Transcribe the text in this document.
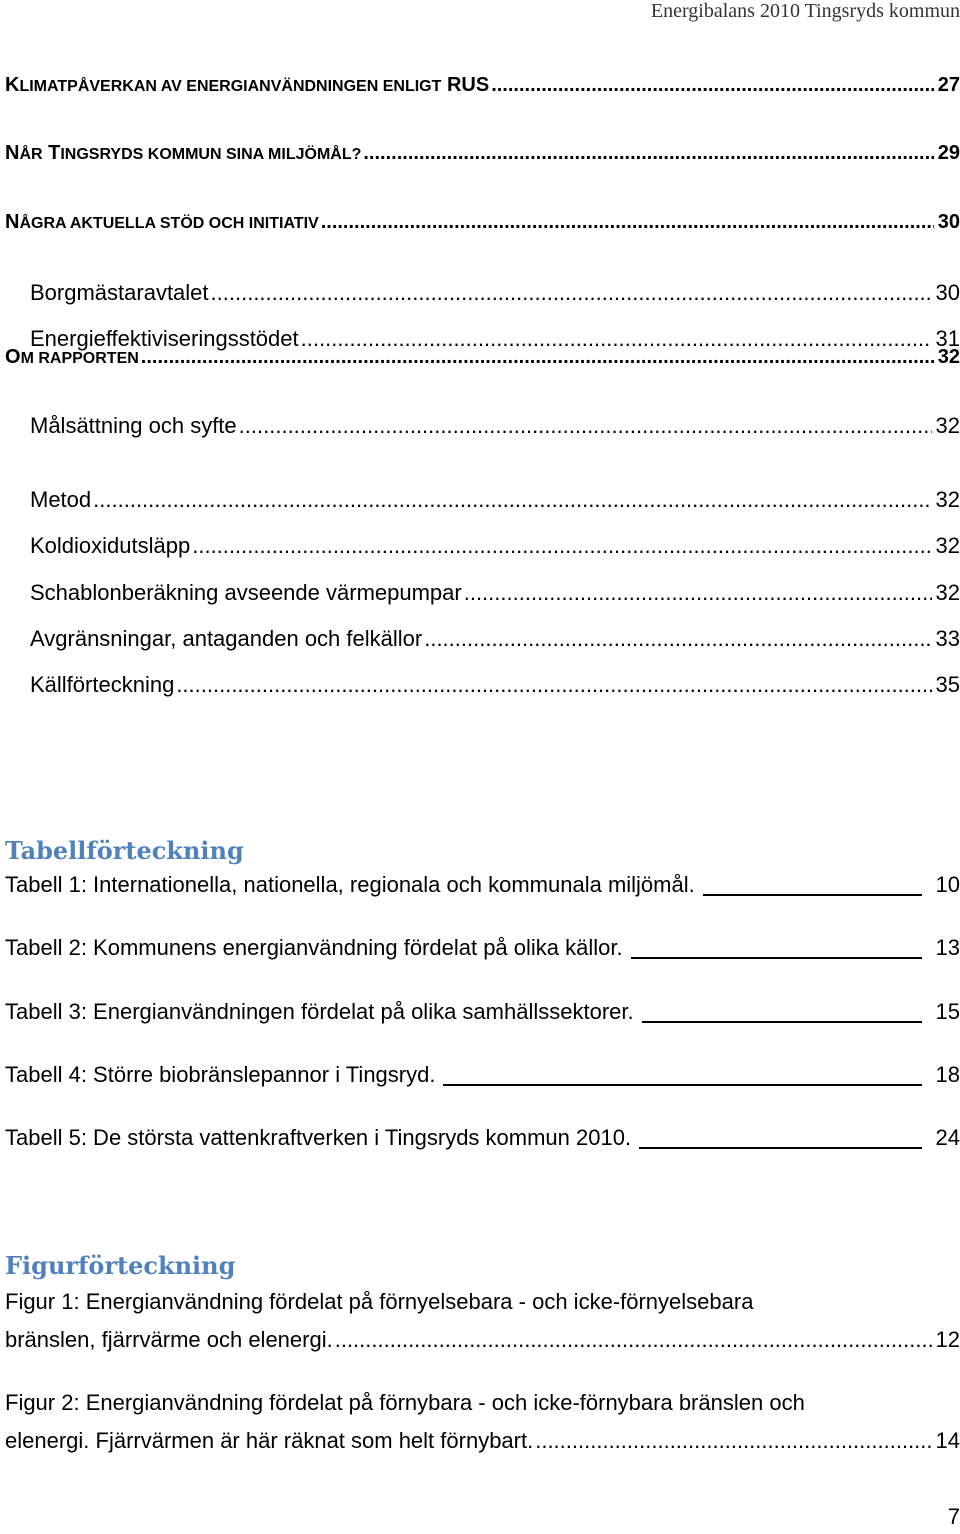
Energibalans 2010 Tingsryds kommun
KLIMATPÅVERKAN AV ENERGIANVÄNDNINGEN ENLIGT RUS .....	27
NÅR TINGSRYDS KOMMUN SINA MILJÖMÅL? .....	29
NÅGRA AKTUELLA STÖD OCH INITIATIV .....	30
Borgmästaravtalet .....	30
Energieffektiviseringsstödet .....	31
OM RAPPORTEN .....	32
Målsättning och syfte .....	32
Metod .....	32
Koldioxidutsläpp .....	32
Schablonberäkning avseende värmepumpar .....	32
Avgränsningar, antaganden och felkällor .....	33
Källförteckning .....	35
Tabellförteckning
Tabell 1: Internationella, nationella, regionala och kommunala miljömål.	10
Tabell 2: Kommunens energianvändning fördelat på olika källor.	13
Tabell 3: Energianvändningen fördelat på olika samhällssektorer.	15
Tabell 4: Större biobränslepannor i Tingsryd.	18
Tabell 5: De största vattenkraftverken i Tingsryds kommun 2010.	24
Figurförteckning
Figur 1: Energianvändning fördelat på förnyelsebara - och icke-förnyelsebara
bränslen, fjärrvärme och elenergi. .....	12
Figur 2: Energianvändning fördelat på förnybara - och icke-förnybara bränslen och
elenergi. Fjärrvärmen är här räknat som helt förnybart. .....	14
7
